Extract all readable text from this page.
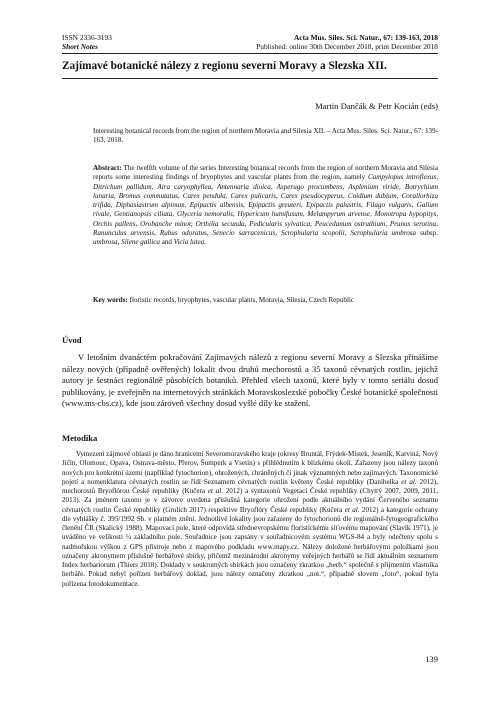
ISSN 2336-3193
Short Notes
Acta Mus. Siles. Sci. Natur., 67: 139-163, 2018
Published: online 30th December 2018, print December 2018
Zajímavé botanické nálezy z regionu severní Moravy a Slezska XII.
Martin Dančák & Petr Kocián (eds)
Interesting botanical records from the region of northern Moravia and Silesia XII. – Acta Mus. Siles. Sci. Natur., 67: 139-163, 2018.

Abstract: The twelfth volume of the series Interesting botanical records from the region of northern Moravia and Silesia reports some interesting findings of bryophytes and vascular plants from the region, namely Campylopus introflexus, Ditrichum pallidum, Aira caryophyllea, Antennaria dioica, Asperugo procumbens, Asplenium viride, Botrychium lunaria, Bromus commutatus, Carex pendula, Carex pulicaris, Carex pseudocyperus, Cnidium dubium, Corallorhiza trifida, Diphasiastrum alpinum, Epipactis albensis, Epipactis greuteri, Epipactis palustris, Filago vulgaris, Galium rivale, Gentianopsis ciliata, Glyceria nemoralis, Hypericum humifusum, Melampyrum arvense, Monotropa hypopitys, Orchis pallens, Orobanche minor, Orthilia secunda, Pedicularis sylvatica, Peucedanum ostruthium, Prunus serotina, Ranunculus arvensis, Rubus odoratus, Senecio sarracenicus, Scrophularia scopolii, Scrophularia umbrosa subsp. umbrosa, Silene gallica and Vicia lutea.

Key words: floristic records, bryophytes, vascular plants, Moravia, Silesia, Czech Republic
Úvod

V letošním dvanáctém pokračování Zajímavých nálezů z regionu severní Moravy a Slezska přinášíme nálezy nových (případně ověřených) lokalit dvou druhů mechorostů a 35 taxonů cévnatých rostlin, jejichž autory je šestnáct regionálně působících botaniků. Přehled všech taxonů, které byly v tomto seriálu dosud publikovány, je zveřejněn na internetových stránkách Moravskoslezské pobočky České botanické společnosti (www.ms-cbs.cz), kde jsou zároveň všechny dosud vyšlé díly ke stažení.

Metodika

Vymezení zájmové oblasti je dáno hranicemi Severomoravského kraje (okresy Bruntál, Frýdek-Místek, Jeseník, Karviná, Nový Jičín, Olomouc, Opava, Ostrava-město, Přerov, Šumperk a Vsetín) s přihlédnutím k blízkému okolí. Zařazeny jsou nálezy taxonů nových pro konkrétní území (například fytochorion), ohrožených, chráněných či jinak významných nebo zajímavých. Taxonomické pojetí a nomenklatura cévnatých rostlin se řídí Seznamem cévnatých rostlin květeny České republiky (Danihelka et al. 2012), mechorostů Bryoflórou České republiky (Kučera et al. 2012) a syntaxonů Vegetací České republiky (Chytrý 2007, 2009, 2011, 2013). Za jménem taxonu je v závorce uvedena příslušná kategorie ohrožení podle aktuálního vydání Červeného seznamu cévnatých rostlin České republiky (Grulich 2017) respektive Bryoflóry České republiky (Kučera et al. 2012) a kategorie ochrany dle vyhlášky č. 395/1992 Sb. v platném znění. Jednotlivé lokality jsou zařazeny do fytochorionů dle regionálně-fytogeografického členění ČR (Skalický 1988). Mapovací pole, které odpovídá středoevropskému floristickému síťovému mapování (Slavík 1971), je uváděno ve velikosti ¼ základního pole. Souřadnice jsou zapsány v souřadnicovém systému WGS-84 a byly odečteny spolu s nadmořskou výškou z GPS přístroje nebo z mapového podkladu www.mapy.cz. Nálezy doložené herbářovými položkami jsou označeny akronymem příslušné herbářové sbírky, přičemž mezinárodní akronymy veřejných herbářů se řídí aktuálním seznamem Index herbariorum (Thiers 2018). Doklady v soukromých sbírkách jsou označeny zkratkou „herb.“ společně s příjmením vlastníka herbáře. Pokud nebyl pořízen herbářový doklad, jsou nálezy označeny zkratkou „not.“, případně slovem „foto“, pokud byla pořízena fotodokumentace.

139
